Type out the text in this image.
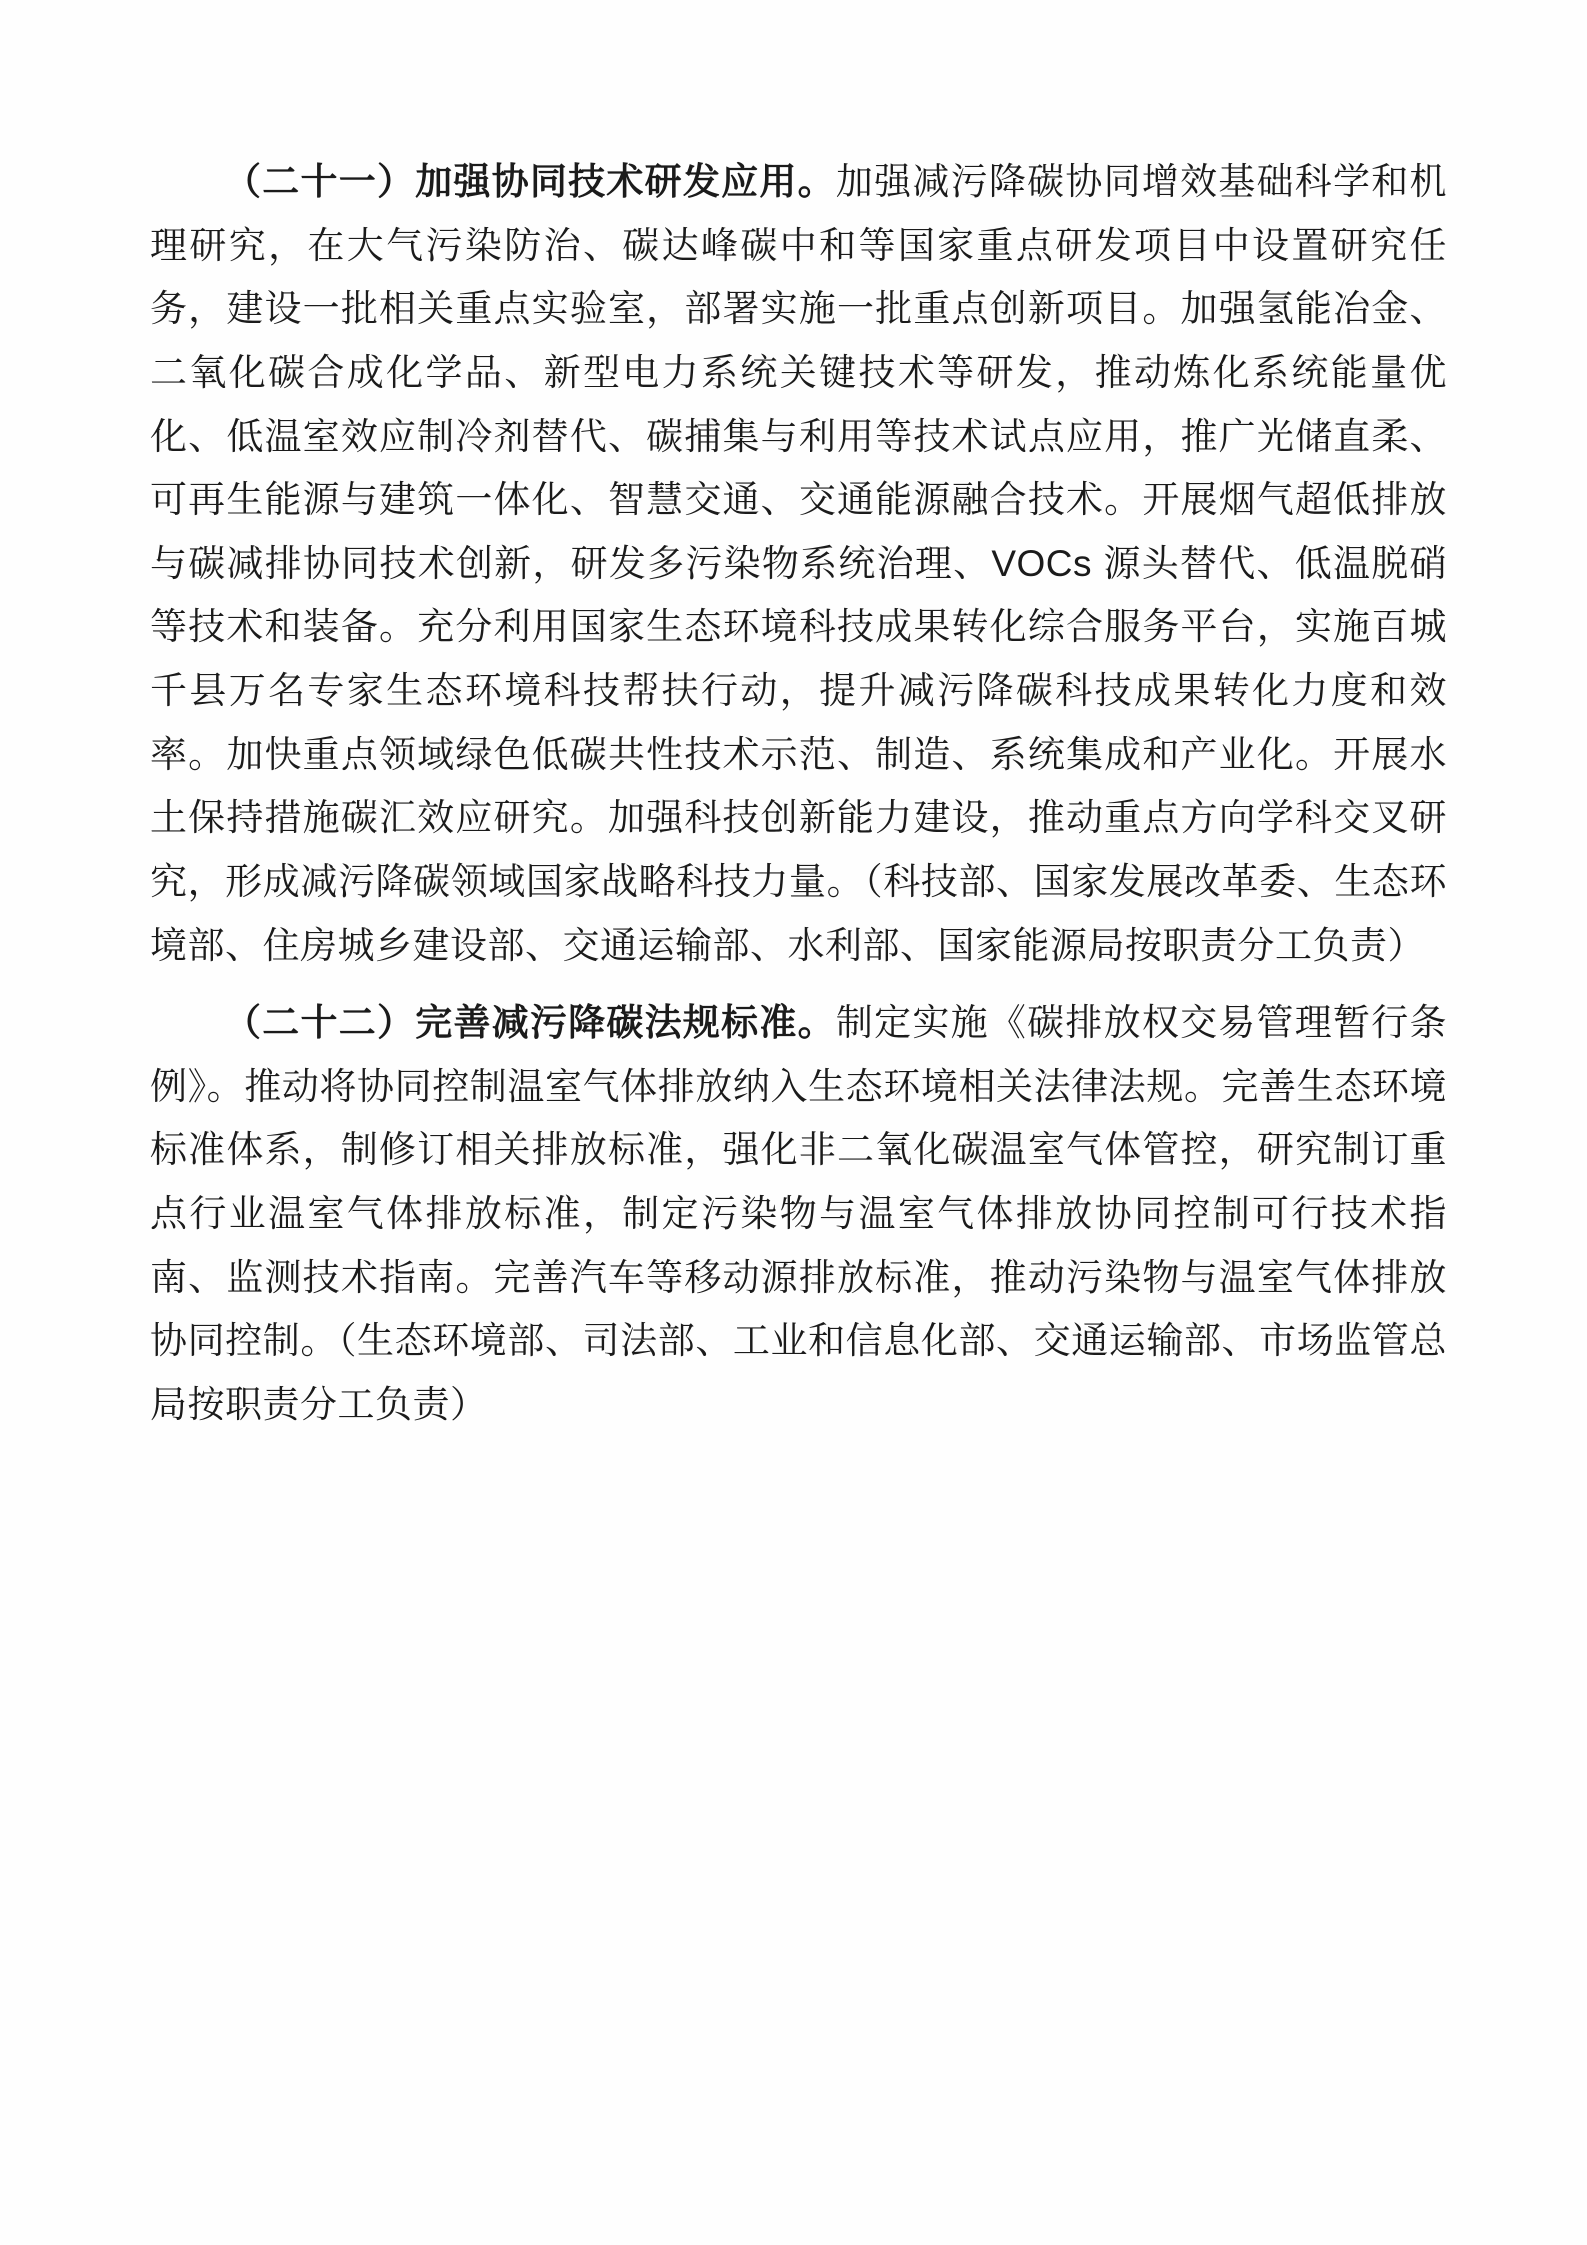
（二十一）加强协同技术研发应用。加强减污降碳协同增效基础科学和机理研究，在大气污染防治、碳达峰碳中和等国家重点研发项目中设置研究任务，建设一批相关重点实验室，部署实施一批重点创新项目。加强氢能冶金、二氧化碳合成化学品、新型电力系统关键技术等研发，推动炼化系统能量优化、低温室效应制冷剂替代、碳捕集与利用等技术试点应用，推广光储直柔、可再生能源与建筑一体化、智慧交通、交通能源融合技术。开展烟气超低排放与碳减排协同技术创新，研发多污染物系统治理、VOCs 源头替代、低温脱硝等技术和装备。充分利用国家生态环境科技成果转化综合服务平台，实施百城千县万名专家生态环境科技帮扶行动，提升减污降碳科技成果转化力度和效率。加快重点领域绿色低碳共性技术示范、制造、系统集成和产业化。开展水土保持措施碳汇效应研究。加强科技创新能力建设，推动重点方向学科交叉研究，形成减污降碳领域国家战略科技力量。（科技部、国家发展改革委、生态环境部、住房城乡建设部、交通运输部、水利部、国家能源局按职责分工负责）

（二十二）完善减污降碳法规标准。制定实施《碳排放权交易管理暂行条例》。推动将协同控制温室气体排放纳入生态环境相关法律法规。完善生态环境标准体系，制修订相关排放标准，强化非二氧化碳温室气体管控，研究制订重点行业温室气体排放标准，制定污染物与温室气体排放协同控制可行技术指南、监测技术指南。完善汽车等移动源排放标准，推动污染物与温室气体排放协同控制。（生态环境部、司法部、工业和信息化部、交通运输部、市场监管总局按职责分工负责）
